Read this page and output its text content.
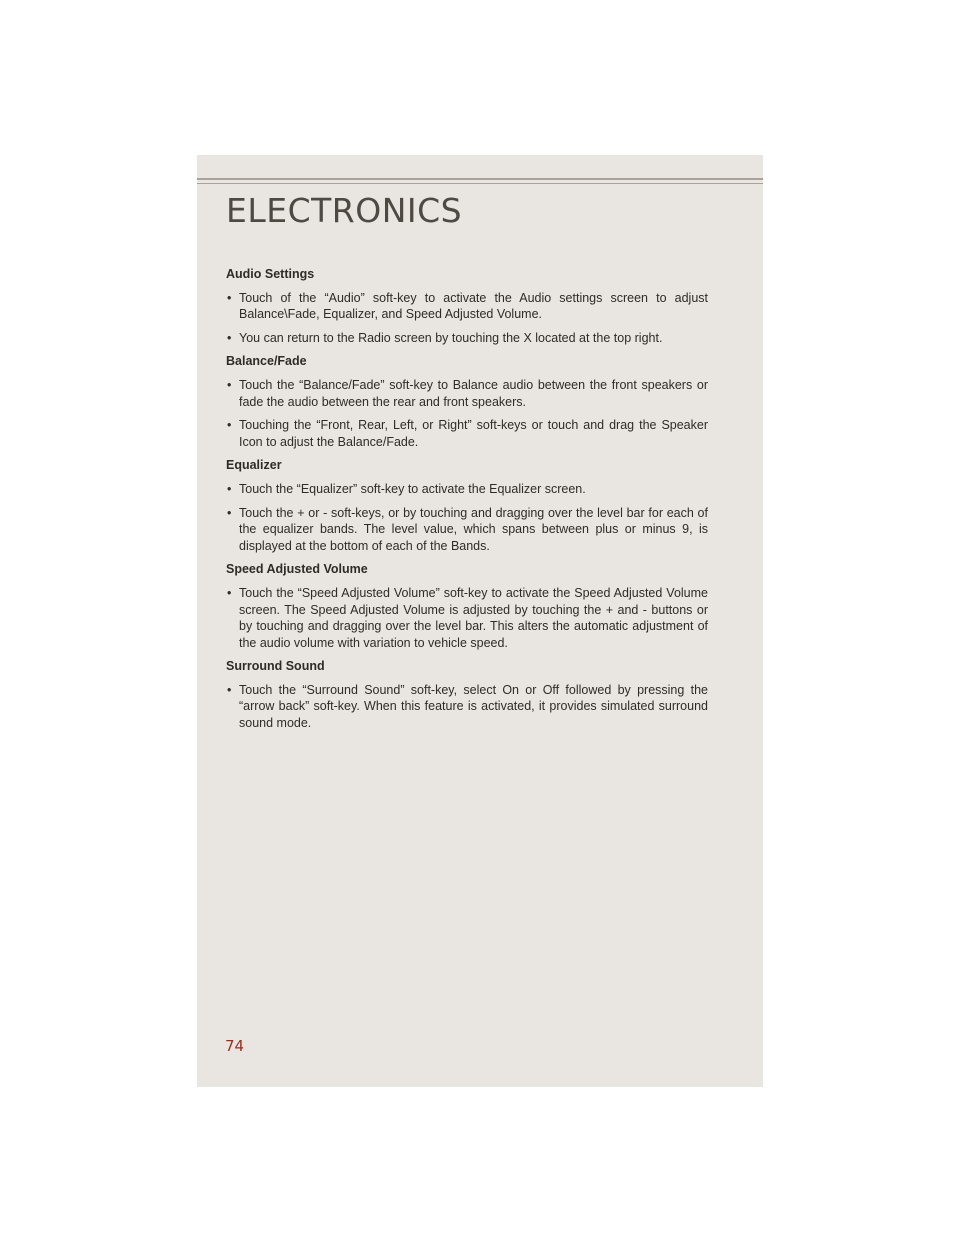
ELECTRONICS
Audio Settings
• Touch of the “Audio” soft-key to activate the Audio settings screen to adjust Balance\Fade, Equalizer, and Speed Adjusted Volume.
• You can return to the Radio screen by touching the X located at the top right.
Balance/Fade
• Touch the “Balance/Fade” soft-key to Balance audio between the front speakers or fade the audio between the rear and front speakers.
• Touching the “Front, Rear, Left, or Right” soft-keys or touch and drag the Speaker Icon to adjust the Balance/Fade.
Equalizer
• Touch the “Equalizer” soft-key to activate the Equalizer screen.
• Touch the + or - soft-keys, or by touching and dragging over the level bar for each of the equalizer bands. The level value, which spans between plus or minus 9, is displayed at the bottom of each of the Bands.
Speed Adjusted Volume
• Touch the “Speed Adjusted Volume” soft-key to activate the Speed Adjusted Volume screen. The Speed Adjusted Volume is adjusted by touching the + and - buttons or by touching and dragging over the level bar. This alters the automatic adjustment of the audio volume with variation to vehicle speed.
Surround Sound
• Touch the “Surround Sound” soft-key, select On or Off followed by pressing the “arrow back” soft-key. When this feature is activated, it provides simulated surround sound mode.
74
